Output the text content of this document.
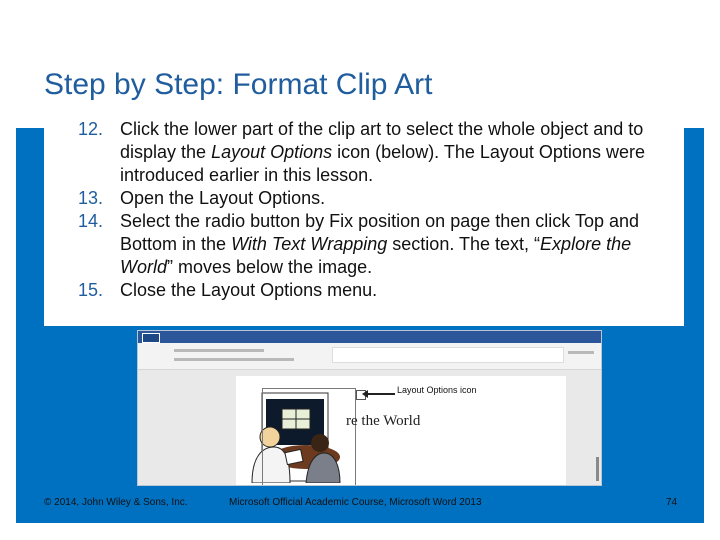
Step by Step: Format Clip Art
12. Click the lower part of the clip art to select the whole object and to display the Layout Options icon (below). The Layout Options were introduced earlier in this lesson.
13. Open the Layout Options.
14. Select the radio button by Fix position on page then click Top and Bottom in the With Text Wrapping section. The text, “Explore the World” moves below the image.
15. Close the Layout Options menu.
Layout Options icon
re the World
© 2014, John Wiley & Sons, Inc.	Microsoft Official Academic Course, Microsoft Word 2013	74
